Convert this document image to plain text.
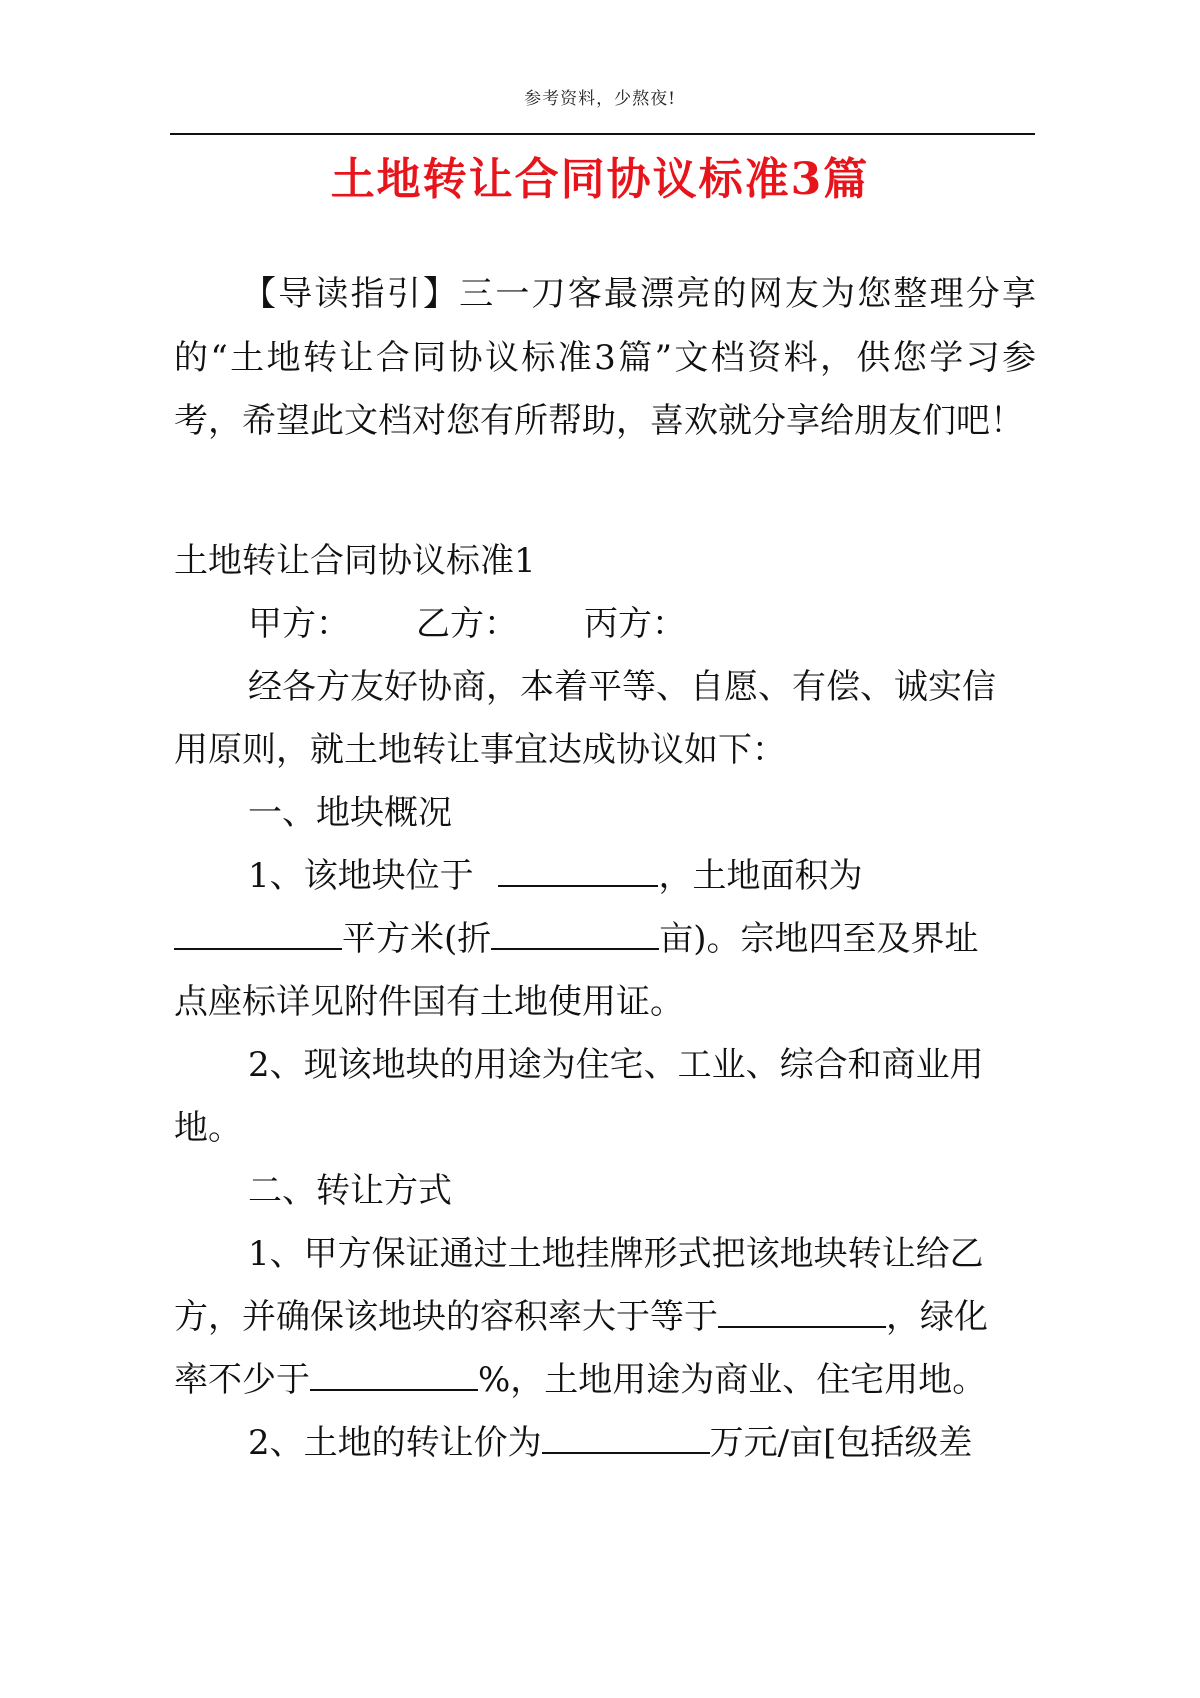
参考资料，少熬夜!
土地转让合同协议标准3篇

【导读指引】三一刀客最漂亮的网友为您整理分享的“土地转让合同协议标准3篇”文档资料，供您学习参考，希望此文档对您有所帮助，喜欢就分享给朋友们吧！

土地转让合同协议标准1

甲方： 乙方： 丙方：

经各方友好协商，本着平等、自愿、有偿、诚实信

用原则，就土地转让事宜达成协议如下：

一、地块概况

1、该地块位于	，土地面积为

平方米(折	亩)。宗地四至及界址

点座标详见附件国有土地使用证。

2、现该地块的用途为住宅、工业、综合和商业用

地。

二、转让方式

1、甲方保证通过土地挂牌形式把该地块转让给乙

方，并确保该地块的容积率大于等于	，绿化

率不少于	%，土地用途为商业、住宅用地。

2、土地的转让价为	万元/亩[包括级差
